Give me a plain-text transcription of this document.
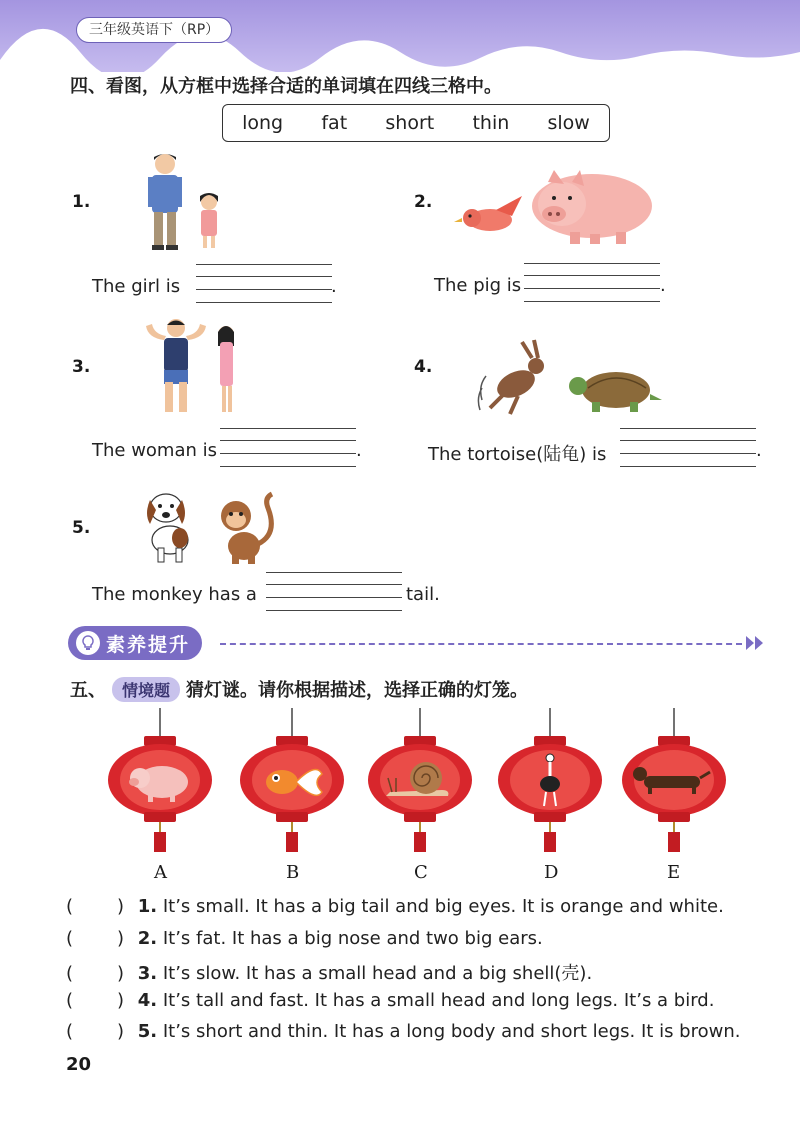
三年级英语下（RP）
四、看图，从方框中选择合适的单词填在四线三格中。
long fat short thin slow
1.
The girl is	.
2.
The pig is	.
3.
The woman is	.
4.
The tortoise(陆龟) is	.
5.
The monkey has a	tail.
素养提升
五、 情境题 猜灯谜。请你根据描述，选择正确的灯笼。
A	B	C	D	E
( ) 1. It’s small. It has a big tail and big eyes. It is orange and white.
( ) 2. It’s fat. It has a big nose and two big ears.
( ) 3. It’s slow. It has a small head and a big shell(壳).
( ) 4. It’s tall and fast. It has a small head and long legs. It’s a bird.
( ) 5. It’s short and thin. It has a long body and short legs. It is brown.
20
